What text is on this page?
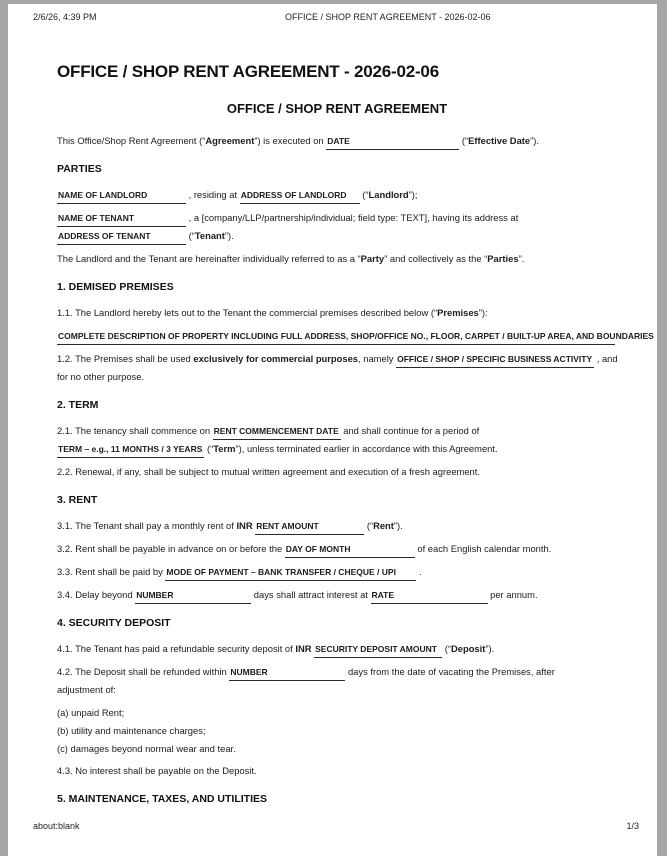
2/6/26, 4:39 PM	OFFICE / SHOP RENT AGREEMENT - 2026-02-06
OFFICE / SHOP RENT AGREEMENT - 2026-02-06
OFFICE / SHOP RENT AGREEMENT
This Office/Shop Rent Agreement (“Agreement”) is executed on DATE	(“Effective Date”).
PARTIES
NAME OF LANDLORD	, residing at ADDRESS OF LANDLORD (“Landlord”);
NAME OF TENANT	, a [company/LLP/partnership/individual; field type: TEXT], having its address at
ADDRESS OF TENANT	(“Tenant”).
The Landlord and the Tenant are hereinafter individually referred to as a “Party” and collectively as the “Parties”.
1. DEMISED PREMISES
1.1. The Landlord hereby lets out to the Tenant the commercial premises described below (“Premises”):
COMPLETE DESCRIPTION OF PROPERTY INCLUDING FULL ADDRESS, SHOP/OFFICE NO., FLOOR, CARPET / BUILT-UP AREA, AND BOUNDARIES
1.2. The Premises shall be used exclusively for commercial purposes, namely OFFICE / SHOP / SPECIFIC BUSINESS ACTIVITY , and
for no other purpose.
2. TERM
2.1. The tenancy shall commence on RENT COMMENCEMENT DATE and shall continue for a period of
TERM – e.g., 11 MONTHS / 3 YEARS (“Term”), unless terminated earlier in accordance with this Agreement.
2.2. Renewal, if any, shall be subject to mutual written agreement and execution of a fresh agreement.
3. RENT
3.1. The Tenant shall pay a monthly rent of INR RENT AMOUNT	(“Rent”).
3.2. Rent shall be payable in advance on or before the DAY OF MONTH	of each English calendar month.
3.3. Rent shall be paid by MODE OF PAYMENT – BANK TRANSFER / CHEQUE / UPI .
3.4. Delay beyond NUMBER	days shall attract interest at RATE	per annum.
4. SECURITY DEPOSIT
4.1. The Tenant has paid a refundable security deposit of INR SECURITY DEPOSIT AMOUNT (“Deposit”).
4.2. The Deposit shall be refunded within NUMBER	days from the date of vacating the Premises, after
adjustment of:
(a) unpaid Rent;
(b) utility and maintenance charges;
(c) damages beyond normal wear and tear.
4.3. No interest shall be payable on the Deposit.
5. MAINTENANCE, TAXES, AND UTILITIES
about:blank	1/3
